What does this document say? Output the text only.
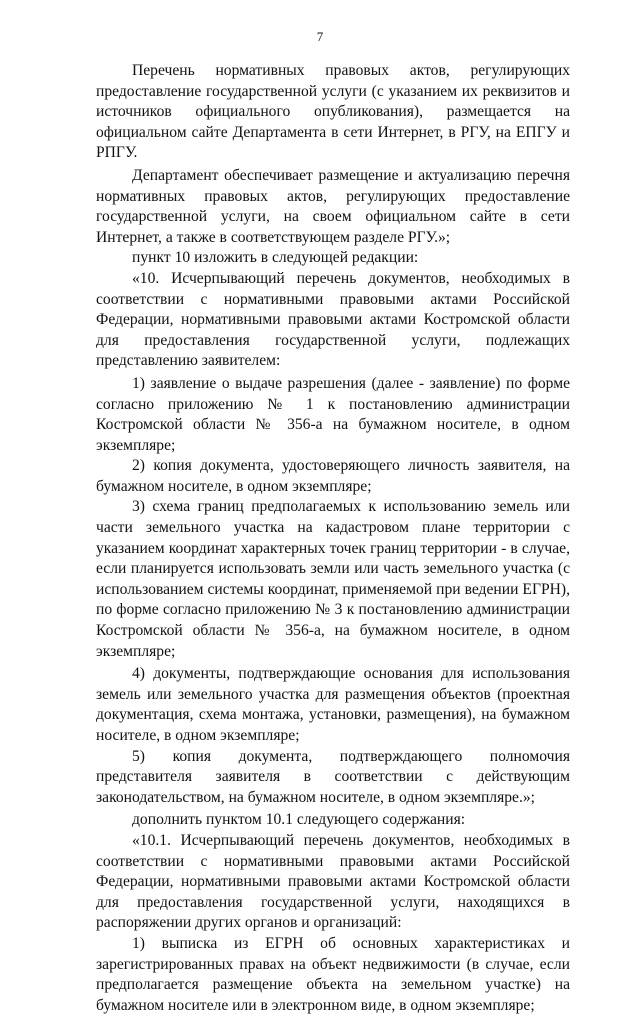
7

Перечень нормативных правовых актов, регулирующих предоставление государственной услуги (с указанием их реквизитов и источников официального опубликования), размещается на официальном сайте Департамента в сети Интернет, в РГУ, на ЕПГУ и РПГУ.

Департамент обеспечивает размещение и актуализацию перечня нормативных правовых актов, регулирующих предоставление государственной услуги, на своем официальном сайте в сети Интернет, а также в соответствующем разделе РГУ.»;

пункт 10 изложить в следующей редакции:

«10. Исчерпывающий перечень документов, необходимых в соответствии с нормативными правовыми актами Российской Федерации, нормативными правовыми актами Костромской области для предоставления государственной услуги, подлежащих представлению заявителем:

1) заявление о выдаче разрешения (далее - заявление) по форме согласно приложению № 1 к постановлению администрации Костромской области № 356-а на бумажном носителе, в одном экземпляре;

2) копия документа, удостоверяющего личность заявителя, на бумажном носителе, в одном экземпляре;

3) схема границ предполагаемых к использованию земель или части земельного участка на кадастровом плане территории с указанием координат характерных точек границ территории - в случае, если планируется использовать земли или часть земельного участка (с использованием системы координат, применяемой при ведении ЕГРН), по форме согласно приложению № 3 к постановлению администрации Костромской области № 356-а, на бумажном носителе, в одном экземпляре;

4) документы, подтверждающие основания для использования земель или земельного участка для размещения объектов (проектная документация, схема монтажа, установки, размещения), на бумажном носителе, в одном экземпляре;

5) копия документа, подтверждающего полномочия представителя заявителя в соответствии с действующим законодательством, на бумажном носителе, в одном экземпляре.»;

дополнить пунктом 10.1 следующего содержания:

«10.1. Исчерпывающий перечень документов, необходимых в соответствии с нормативными правовыми актами Российской Федерации, нормативными правовыми актами Костромской области для предоставления государственной услуги, находящихся в распоряжении других органов и организаций:

1) выписка из ЕГРН об основных характеристиках и зарегистрированных правах на объект недвижимости (в случае, если предполагается размещение объекта на земельном участке) на бумажном носителе или в электронном виде, в одном экземпляре;
